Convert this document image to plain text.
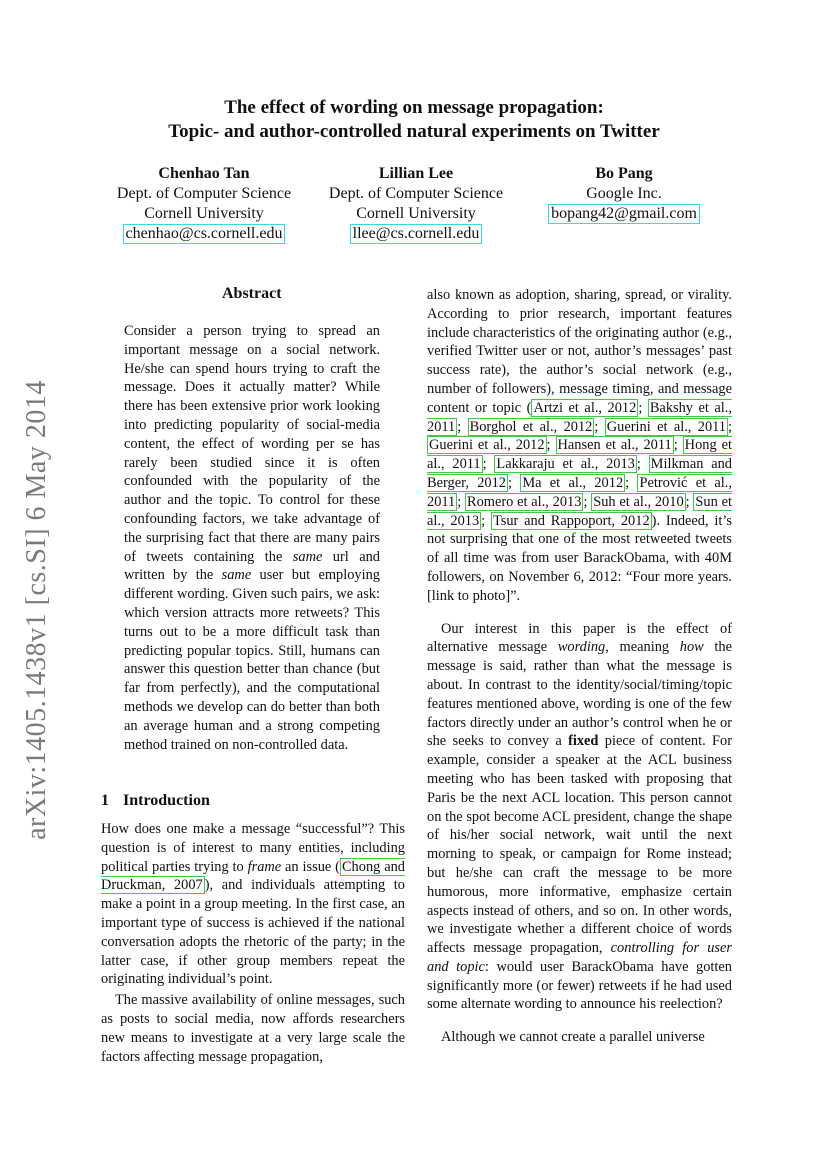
arXiv:1405.1438v1 [cs.SI] 6 May 2014
The effect of wording on message propagation:
Topic- and author-controlled natural experiments on Twitter
Chenhao Tan
Dept. of Computer Science
Cornell University
chenhao@cs.cornell.edu
Lillian Lee
Dept. of Computer Science
Cornell University
llee@cs.cornell.edu
Bo Pang
Google Inc.
bopang42@gmail.com
Abstract

Consider a person trying to spread an important message on a social network. He/she can spend hours trying to craft the message. Does it actually matter? While there has been extensive prior work looking into predicting popularity of social-media content, the effect of wording per se has rarely been studied since it is often confounded with the popularity of the author and the topic. To control for these confounding factors, we take advantage of the surprising fact that there are many pairs of tweets containing the same url and written by the same user but employing different wording. Given such pairs, we ask: which version attracts more retweets? This turns out to be a more difficult task than predicting popular topics. Still, humans can answer this question better than chance (but far from perfectly), and the computational methods we develop can do better than both an average human and a strong competing method trained on non-controlled data.

1 Introduction

How does one make a message “successful”? This question is of interest to many entities, including political parties trying to frame an issue ( Chong and Druckman, 2007 ), and individuals attempting to make a point in a group meeting. In the first case, an important type of success is achieved if the national conversation adopts the rhetoric of the party; in the latter case, if other group members repeat the originating individual’s point.

The massive availability of online messages, such as posts to social media, now affords researchers new means to investigate at a very large scale the factors affecting message propagation,

also known as adoption, sharing, spread, or virality. According to prior research, important features include characteristics of the originating author (e.g., verified Twitter user or not, author’s messages’ past success rate), the author’s social network (e.g., number of followers), message timing, and message content or topic ( Artzi et al., 2012 ; Bakshy et al., 2011 ; Borghol et al., 2012 ; Guerini et al., 2011 ; Guerini et al., 2012 ; Hansen et al., 2011 ; Hong et al., 2011 ; Lakkaraju et al., 2013 ; Milkman and Berger, 2012 ; Ma et al., 2012 ; Petrović et al., 2011 ; Romero et al., 2013 ; Suh et al., 2010 ; Sun et al., 2013 ; Tsur and Rappoport, 2012 ). Indeed, it’s not surprising that one of the most retweeted tweets of all time was from user BarackObama, with 40M followers, on November 6, 2012: “Four more years. [link to photo]”.

Our interest in this paper is the effect of alternative message wording, meaning how the message is said, rather than what the message is about. In contrast to the identity/social/timing/topic features mentioned above, wording is one of the few factors directly under an author’s control when he or she seeks to convey a fixed piece of content. For example, consider a speaker at the ACL business meeting who has been tasked with proposing that Paris be the next ACL location. This person cannot on the spot become ACL president, change the shape of his/her social network, wait until the next morning to speak, or campaign for Rome instead; but he/she can craft the message to be more humorous, more informative, emphasize certain aspects instead of others, and so on. In other words, we investigate whether a different choice of words affects message propagation, controlling for user and topic: would user BarackObama have gotten significantly more (or fewer) retweets if he had used some alternate wording to announce his reelection?

Although we cannot create a parallel universe
